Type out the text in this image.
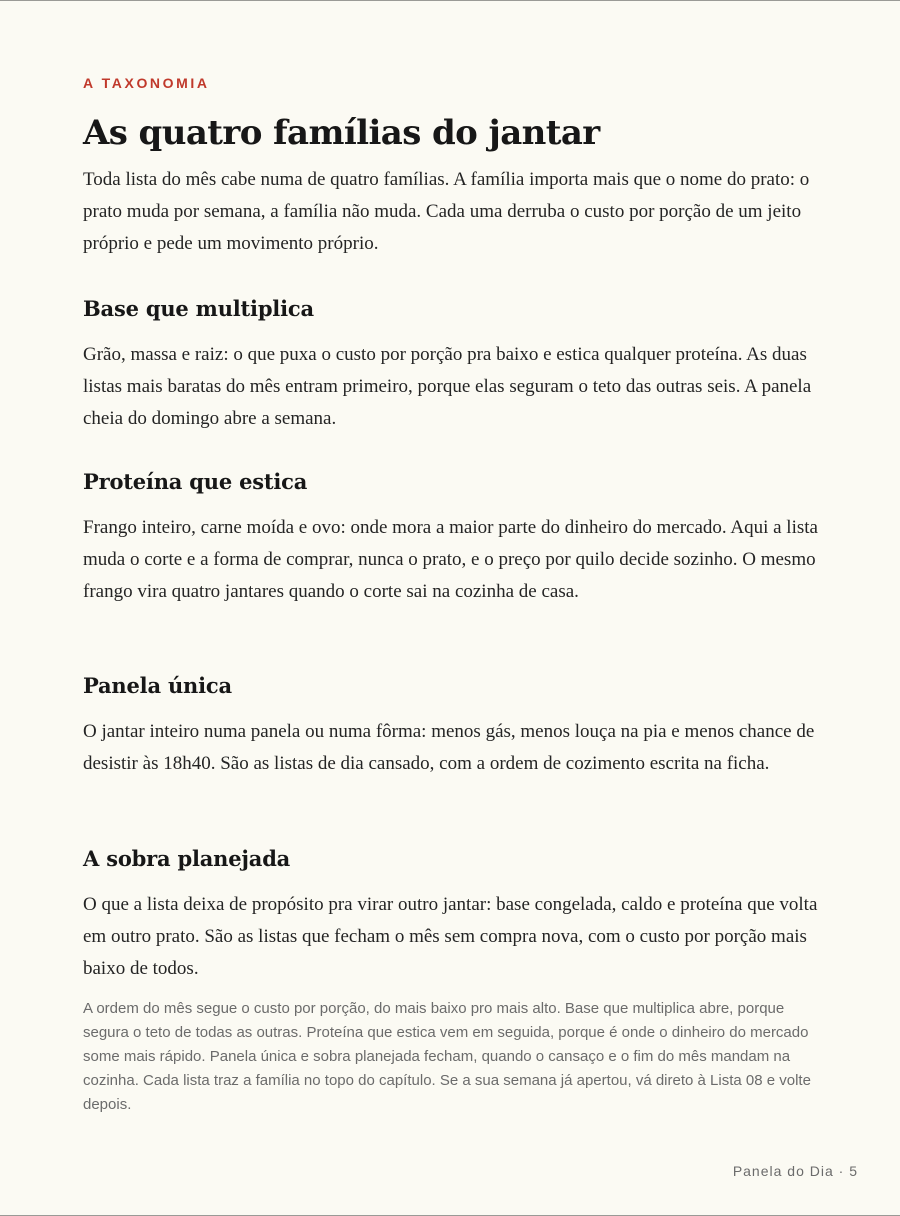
A TAXONOMIA

As quatro famílias do jantar

Toda lista do mês cabe numa de quatro famílias. A família importa mais que o nome do prato: o prato muda por semana, a família não muda. Cada uma derruba o custo por porção de um jeito próprio e pede um movimento próprio.

Base que multiplica

Grão, massa e raiz: o que puxa o custo por porção pra baixo e estica qualquer proteína. As duas listas mais baratas do mês entram primeiro, porque elas seguram o teto das outras seis. A panela cheia do domingo abre a semana.

Proteína que estica

Frango inteiro, carne moída e ovo: onde mora a maior parte do dinheiro do mercado. Aqui a lista muda o corte e a forma de comprar, nunca o prato, e o preço por quilo decide sozinho. O mesmo frango vira quatro jantares quando o corte sai na cozinha de casa.

Panela única

O jantar inteiro numa panela ou numa fôrma: menos gás, menos louça na pia e menos chance de desistir às 18h40. São as listas de dia cansado, com a ordem de cozimento escrita na ficha.

A sobra planejada

O que a lista deixa de propósito pra virar outro jantar: base congelada, caldo e proteína que volta em outro prato. São as listas que fecham o mês sem compra nova, com o custo por porção mais baixo de todos.

A ordem do mês segue o custo por porção, do mais baixo pro mais alto. Base que multiplica abre, porque segura o teto de todas as outras. Proteína que estica vem em seguida, porque é onde o dinheiro do mercado some mais rápido. Panela única e sobra planejada fecham, quando o cansaço e o fim do mês mandam na cozinha. Cada lista traz a família no topo do capítulo. Se a sua semana já apertou, vá direto à Lista 08 e volte depois.

Panela do Dia · 5
